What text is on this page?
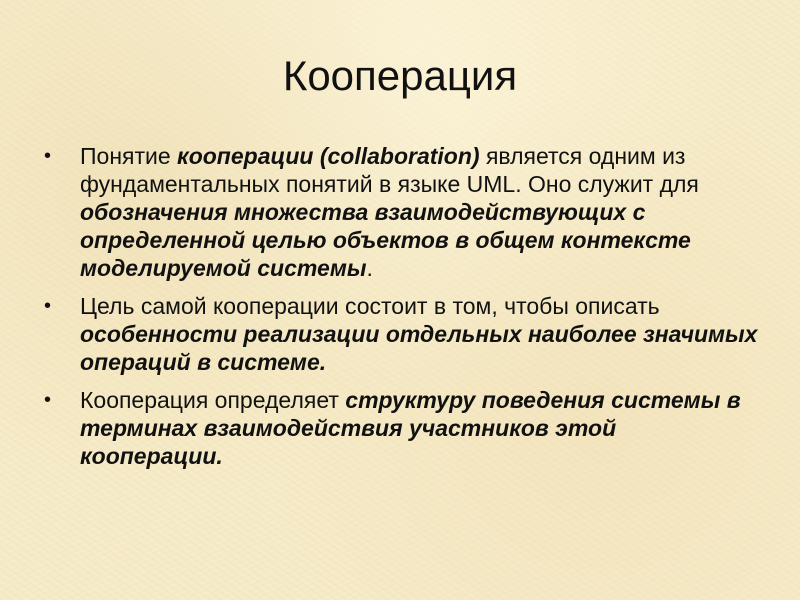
Кооперация
•	Понятие кооперации (collaboration) является одним из фундаментальных понятий в языке UML. Оно служит для обозначения множества взаимодействующих с определенной целью объектов в общем контексте моделируемой системы.
•	Цель самой кооперации состоит в том, чтобы описать особенности реализации отдельных наиболее значимых операций в системе.
•	Кооперация определяет структуру поведения системы в терминах взаимодействия участников этой кооперации.
